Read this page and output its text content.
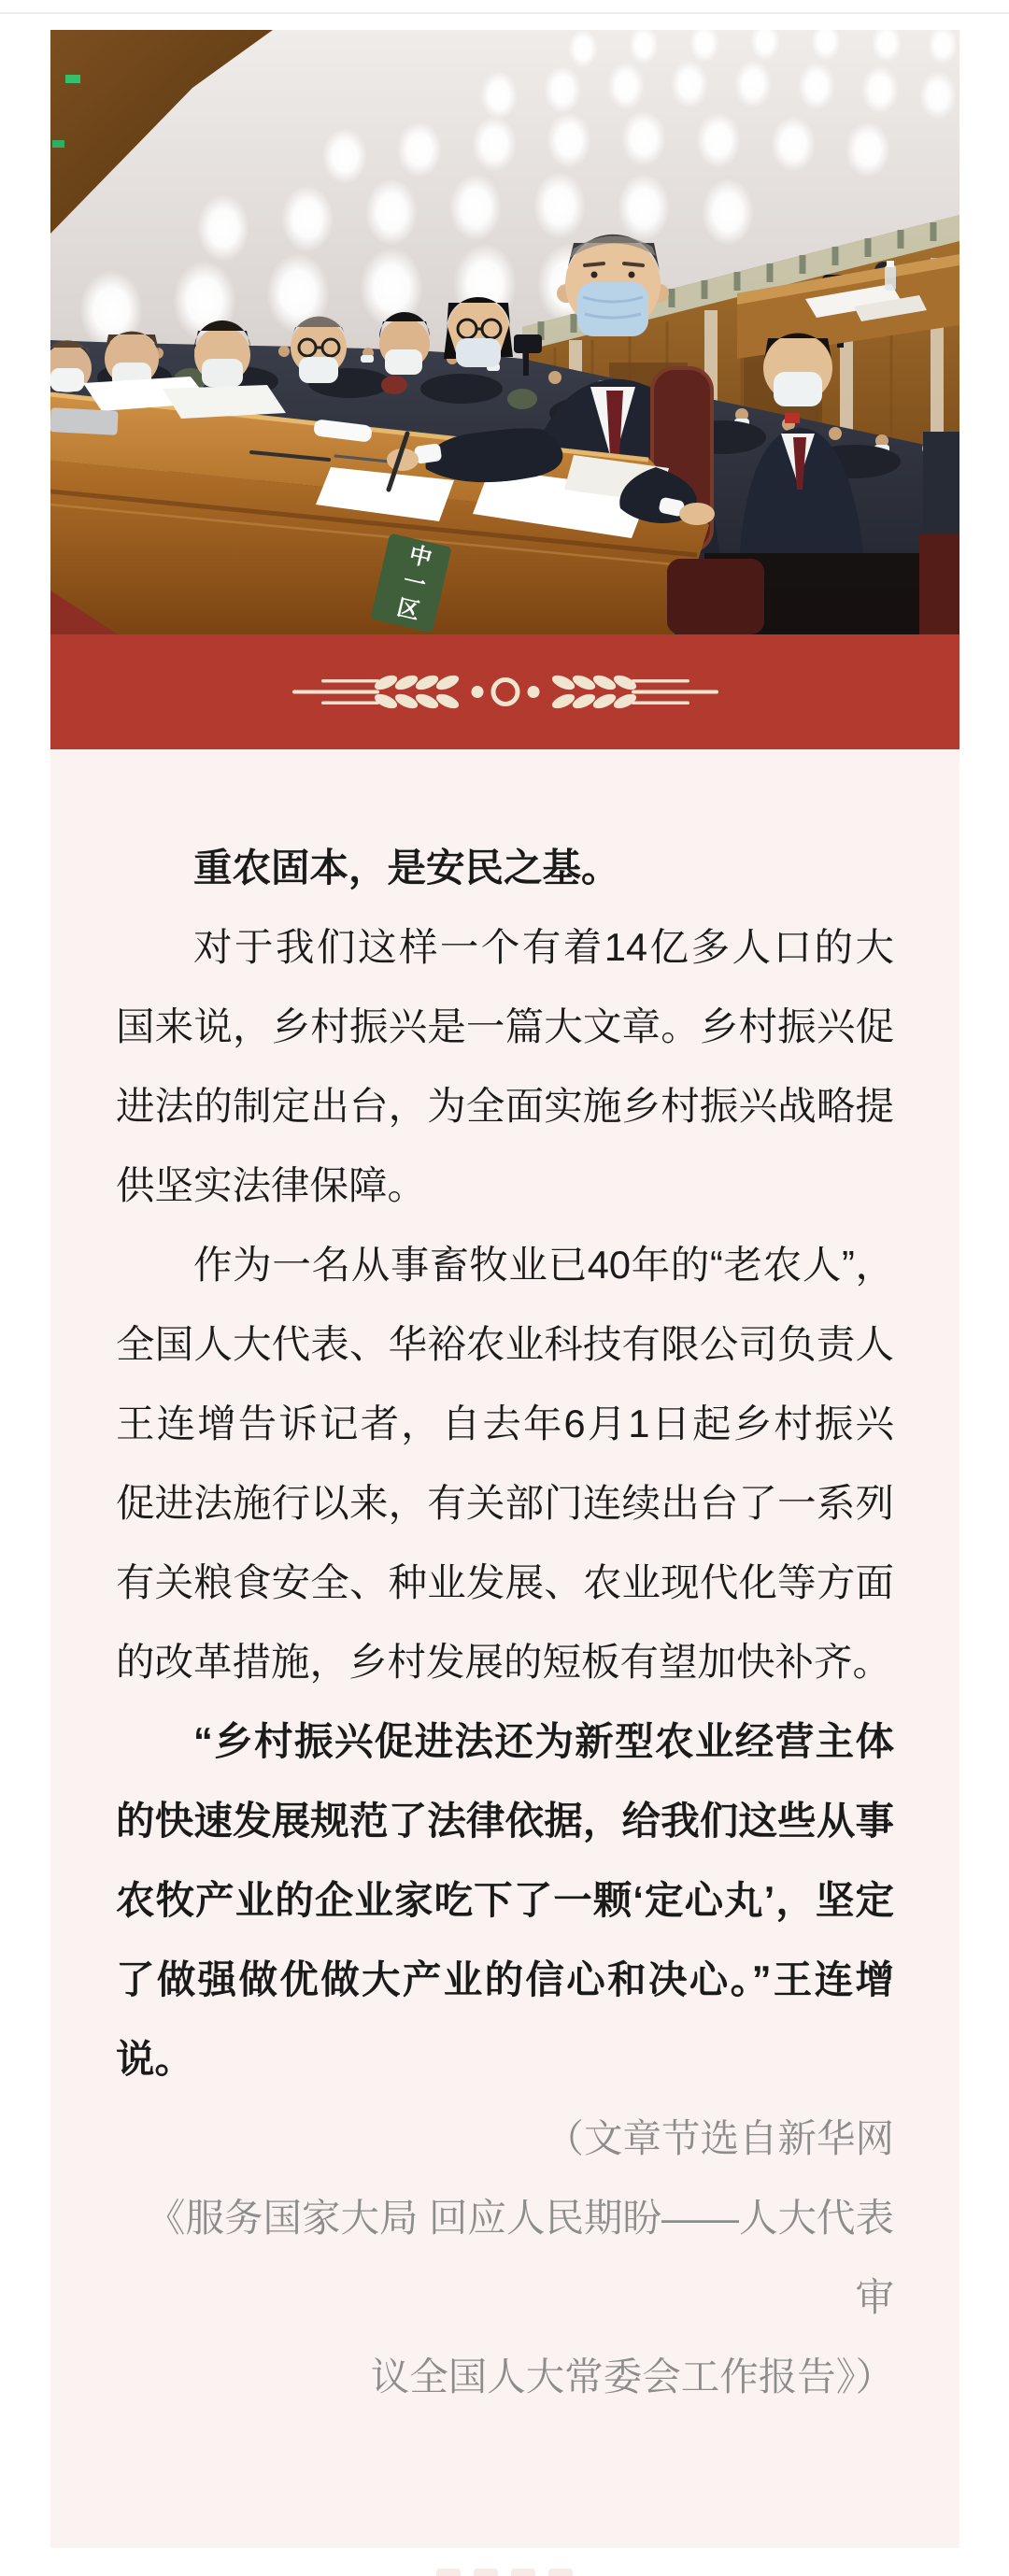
中一区

重农固本，是安民之基。

对于我们这样一个有着14亿多人口的大国来说，乡村振兴是一篇大文章。乡村振兴促进法的制定出台，为全面实施乡村振兴战略提供坚实法律保障。

作为一名从事畜牧业已40年的“老农人”，全国人大代表、华裕农业科技有限公司负责人王连增告诉记者，自去年6月1日起乡村振兴促进法施行以来，有关部门连续出台了一系列有关粮食安全、种业发展、农业现代化等方面的改革措施，乡村发展的短板有望加快补齐。

“乡村振兴促进法还为新型农业经营主体的快速发展规范了法律依据，给我们这些从事农牧产业的企业家吃下了一颗‘定心丸’，坚定了做强做优做大产业的信心和决心。”王连增说。

（文章节选自新华网
《服务国家大局 回应人民期盼——人大代表审
议全国人大常委会工作报告》）
